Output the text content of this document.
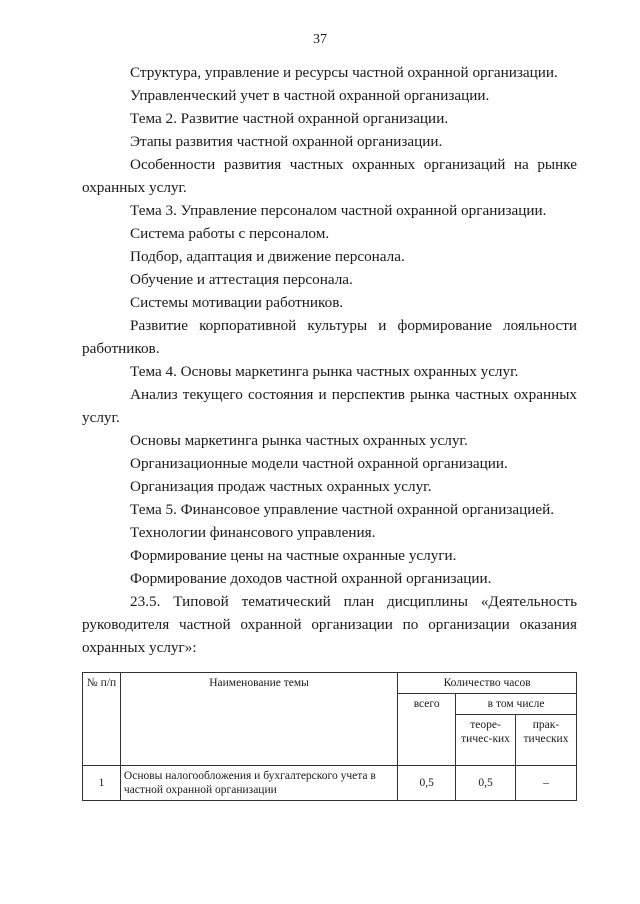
37

Структура, управление и ресурсы частной охранной организации.

Управленческий учет в частной охранной организации.

Тема 2. Развитие частной охранной организации.

Этапы развития частной охранной организации.

Особенности развития частных охранных организаций на рынке охранных услуг.

Тема 3. Управление персоналом частной охранной организации.

Система работы с персоналом.

Подбор, адаптация и движение персонала.

Обучение и аттестация персонала.

Системы мотивации работников.

Развитие корпоративной культуры и формирование лояльности работников.

Тема 4. Основы маркетинга рынка частных охранных услуг.

Анализ текущего состояния и перспектив рынка частных охранных услуг.

Основы маркетинга рынка частных охранных услуг.

Организационные модели частной охранной организации.

Организация продаж частных охранных услуг.

Тема 5. Финансовое управление частной охранной организацией.

Технологии финансового управления.

Формирование цены на частные охранные услуги.

Формирование доходов частной охранной организации.

23.5. Типовой тематический план дисциплины «Деятельность руководителя частной охранной организации по организации оказания охранных услуг»:

№ п/п	Наименование темы	Количество часов		
		всего	в том числе	
			теоре-тичес-ких	прак-тических
1	Основы налогообложения и бухгалтерского учета в частной охранной организации	0,5	0,5	–
